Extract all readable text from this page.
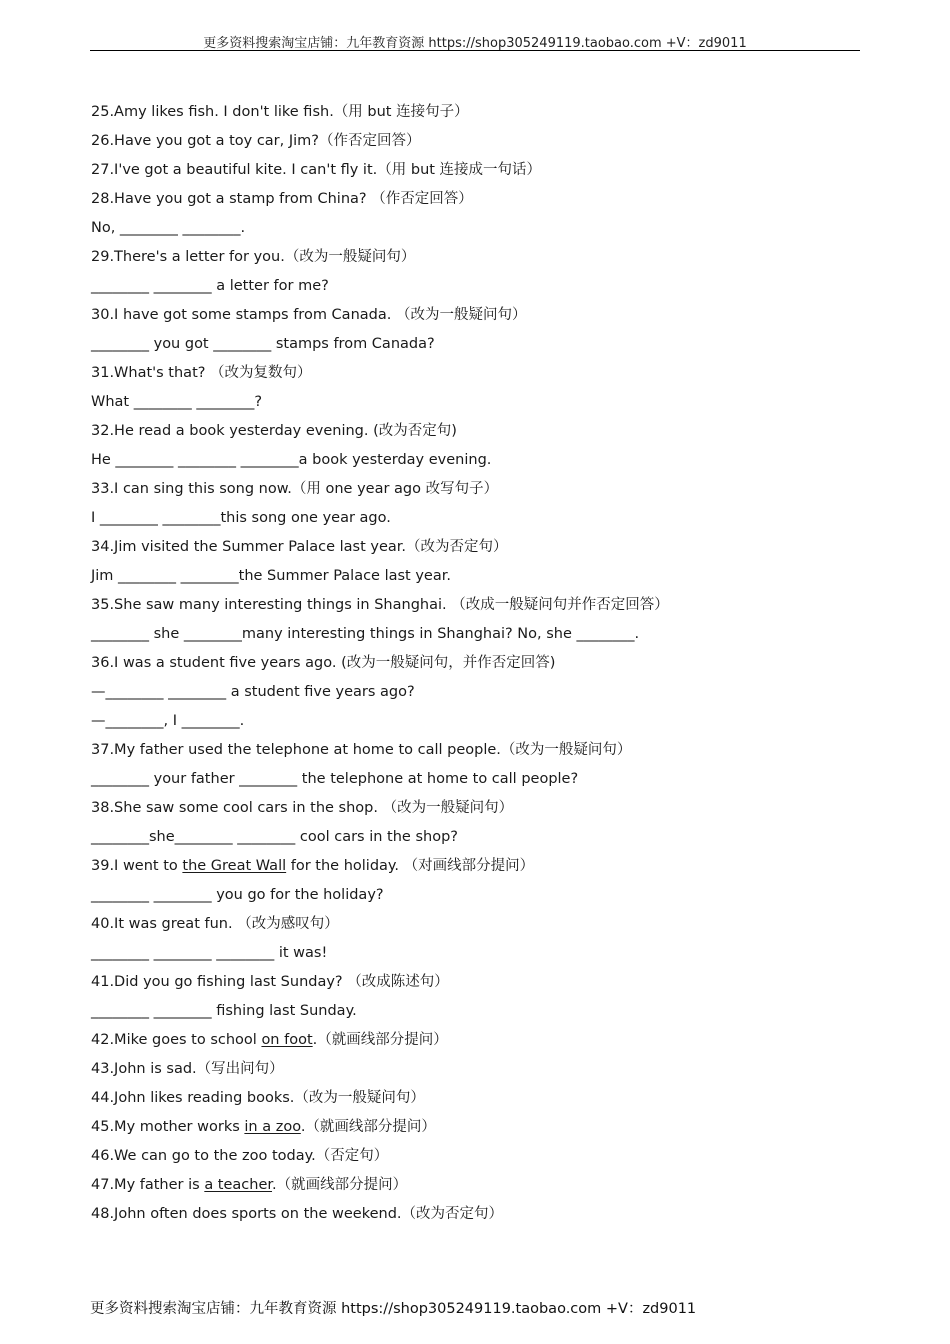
更多资料搜索淘宝店铺：九年教育资源 https://shop305249119.taobao.com +V：zd9011
25.Amy likes fish. I don't like fish.（用 but 连接句子）
26.Have you got a toy car, Jim?（作否定回答）
27.I've got a beautiful kite. I can't fly it.（用 but 连接成一句话）
28.Have you got a stamp from China? （作否定回答）
No, ________ ________.
29.There's a letter for you.（改为一般疑问句）
________ ________ a letter for me?
30.I have got some stamps from Canada. （改为一般疑问句）
________ you got ________ stamps from Canada?
31.What's that? （改为复数句）
What ________ ________?
32.He read a book yesterday evening. (改为否定句)
He ________ ________ ________a book yesterday evening.
33.I can sing this song now.（用 one year ago 改写句子）
I ________ ________this song one year ago.
34.Jim visited the Summer Palace last year.（改为否定句）
Jim ________ ________the Summer Palace last year.
35.She saw many interesting things in Shanghai. （改成一般疑问句并作否定回答）
________ she ________many interesting things in Shanghai? No, she ________.
36.I was a student five years ago. (改为一般疑问句，并作否定回答)
—________ ________ a student five years ago?
—________, I ________.
37.My father used the telephone at home to call people.（改为一般疑问句）
________ your father ________ the telephone at home to call people?
38.She saw some cool cars in the shop. （改为一般疑问句）
________she________ ________ cool cars in the shop?
39.I went to the Great Wall for the holiday. （对画线部分提问）
________ ________ you go for the holiday?
40.It was great fun. （改为感叹句）
________ ________ ________ it was!
41.Did you go fishing last Sunday? （改成陈述句）
________ ________ fishing last Sunday.
42.Mike goes to school on foot.（就画线部分提问）
43.John is sad.（写出问句）
44.John likes reading books.（改为一般疑问句）
45.My mother works in a zoo.（就画线部分提问）
46.We can go to the zoo today.（否定句）
47.My father is a teacher.（就画线部分提问）
48.John often does sports on the weekend.（改为否定句）
更多资料搜索淘宝店铺：九年教育资源 https://shop305249119.taobao.com +V：zd9011
